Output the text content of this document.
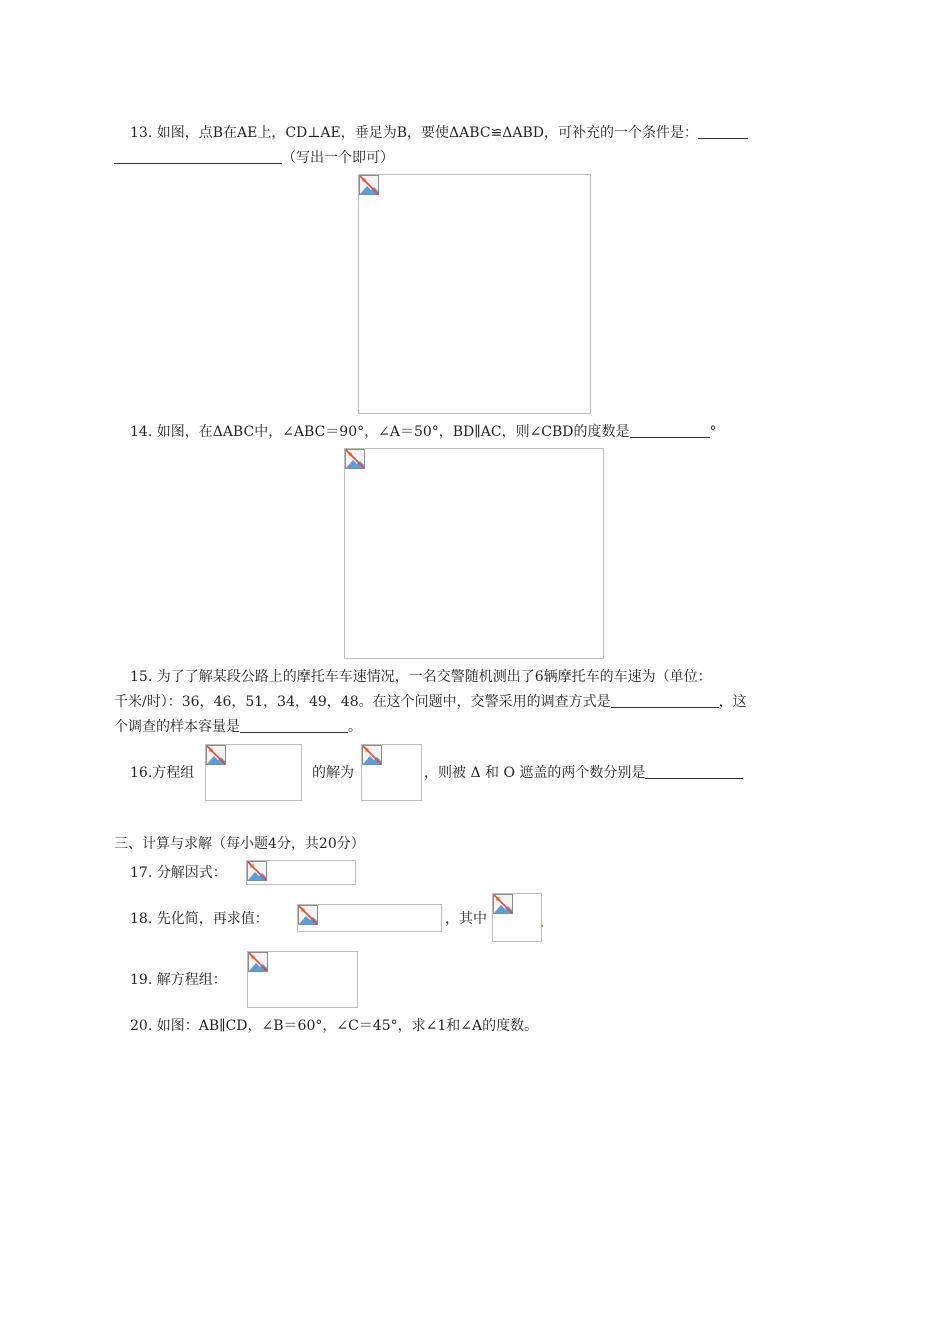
13. 如图，点B在AE上，CD⊥AE，垂足为B，要使ΔABC≌ΔABD，可补充的一个条件是：
（写出一个即可）
14. 如图，在ΔABC中，∠ABC＝90°，∠A＝50°，BD∥AC，则∠CBD的度数是	°
15. 为了了解某段公路上的摩托车车速情况，一名交警随机测出了6辆摩托车的车速为（单位：
千米/时）：36，46，51，34，49，48。在这个问题中，交警采用的调查方式是	，这
个调查的样本容量是	。
16.方程组	的解为	，则被 Δ 和 O 遮盖的两个数分别是
三、计算与求解（每小题4分，共20分）
17. 分解因式：
18. 先化简，再求值：	，其中	.
19. 解方程组：
20. 如图：AB∥CD，∠B＝60°，∠C＝45°，求∠1和∠A的度数。
